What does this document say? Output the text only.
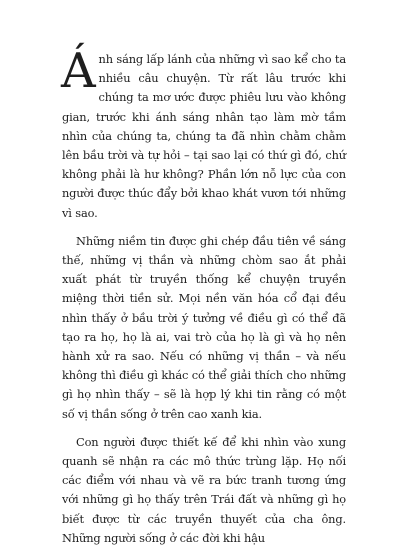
Ánh sáng lấp lánh của những vì sao kể cho ta nhiều câu chuyện. Từ rất lâu trước khi chúng ta mơ ước được phiêu lưu vào không gian, trước khi ánh sáng nhân tạo làm mờ tầm nhìn của chúng ta, chúng ta đã nhìn chằm chằm lên bầu trời và tự hỏi – tại sao lại có thứ gì đó, chứ không phải là hư không? Phần lớn nỗ lực của con người được thúc đẩy bởi khao khát vươn tới những vì sao.

Những niềm tin được ghi chép đầu tiên về sáng thế, những vị thần và những chòm sao ắt phải xuất phát từ truyền thống kể chuyện truyền miệng thời tiền sử. Mọi nền văn hóa cổ đại đều nhìn thấy ở bầu trời ý tưởng về điều gì có thể đã tạo ra họ, họ là ai, vai trò của họ là gì và họ nên hành xử ra sao. Nếu có những vị thần – và nếu không thì điều gì khác có thể giải thích cho những gì họ nhìn thấy – sẽ là hợp lý khi tin rằng có một số vị thần sống ở trên cao xanh kia.

Con người được thiết kế để khi nhìn vào xung quanh sẽ nhận ra các mô thức trùng lặp. Họ nối các điểm với nhau và vẽ ra bức tranh tương ứng với những gì họ thấy trên Trái đất và những gì họ biết được từ các truyền thuyết của cha ông. Những người sống ở các đời khi hậu
